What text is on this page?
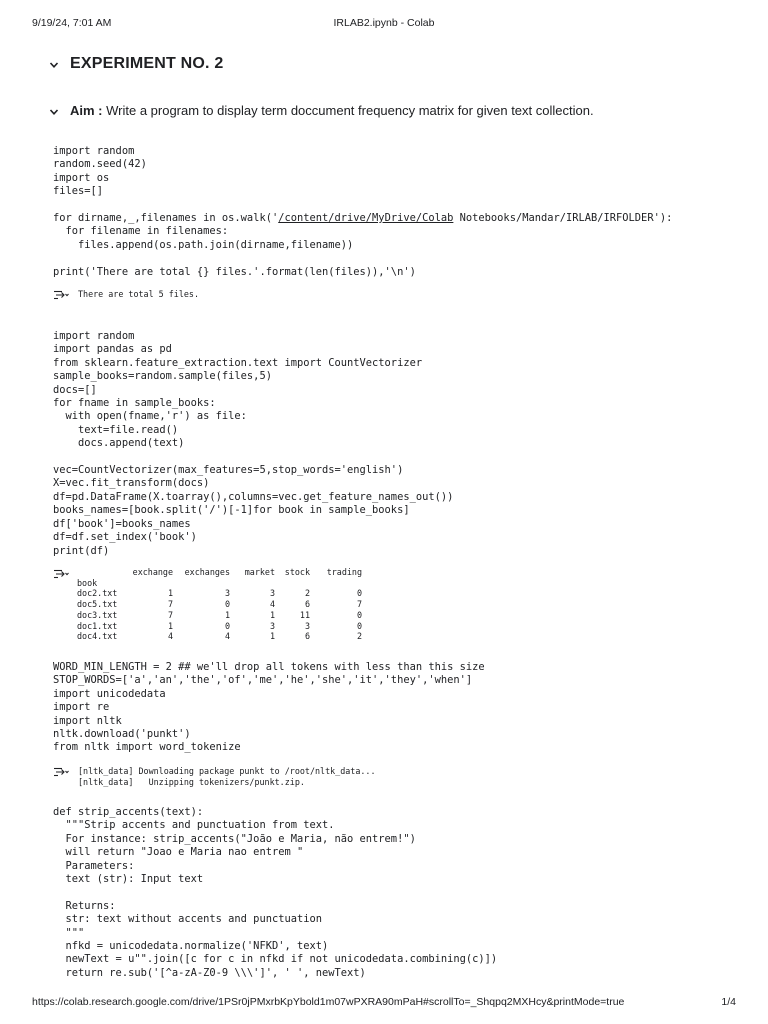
9/19/24, 7:01 AM	IRLAB2.ipynb - Colab
EXPERIMENT NO. 2
Aim : Write a program to display term doccument frequency matrix for given text collection.
import random
random.seed(42)
import os
files=[]

for dirname,_,filenames in os.walk('/content/drive/MyDrive/Colab Notebooks/Mandar/IRLAB/IRFOLDER'):
for filename in filenames:
files.append(os.path.join(dirname,filename))

print('There are total {} files.'.format(len(files)),'\n')
There are total 5 files.
import random
import pandas as pd
from sklearn.feature_extraction.text import CountVectorizer
sample_books=random.sample(files,5)
docs=[]
for fname in sample_books:
with open(fname,'r') as file:
text=file.read()
docs.append(text)

vec=CountVectorizer(max_features=5,stop_words='english')
X=vec.fit_transform(docs)
df=pd.DataFrame(X.toarray(),columns=vec.get_feature_names_out())
books_names=[book.split('/')[-1]for book in sample_books]
df['book']=books_names
df=df.set_index('book')
print(df)
	exchange	exchanges	market	stock	trading
book					
doc2.txt	1	3	3	2	0
doc5.txt	7	0	4	6	7
doc3.txt	7	1	1	11	0
doc1.txt	1	0	3	3	0
doc4.txt	4	4	1	6	2
WORD_MIN_LENGTH = 2 ## we'll drop all tokens with less than this size
STOP_WORDS=['a','an','the','of','me','he','she','it','they','when']
import unicodedata
import re
import nltk
nltk.download('punkt')
from nltk import word_tokenize
[nltk_data] Downloading package punkt to /root/nltk_data...
[nltk_data]   Unzipping tokenizers/punkt.zip.
def strip_accents(text):
"""Strip accents and punctuation from text.
For instance: strip_accents("João e Maria, não entrem!")
will return "Joao e Maria nao entrem "
Parameters:
text (str): Input text

Returns:
str: text without accents and punctuation
"""
nfkd = unicodedata.normalize('NFKD', text)
newText = u"".join([c for c in nfkd if not unicodedata.combining(c)])
return re.sub('[^a-zA-Z0-9 \\\']', ' ', newText)
https://colab.research.google.com/drive/1PSr0jPMxrbKpYbold1m07wPXRA90mPaH#scrollTo=_Shqpq2MXHcy&printMode=true	1/4
